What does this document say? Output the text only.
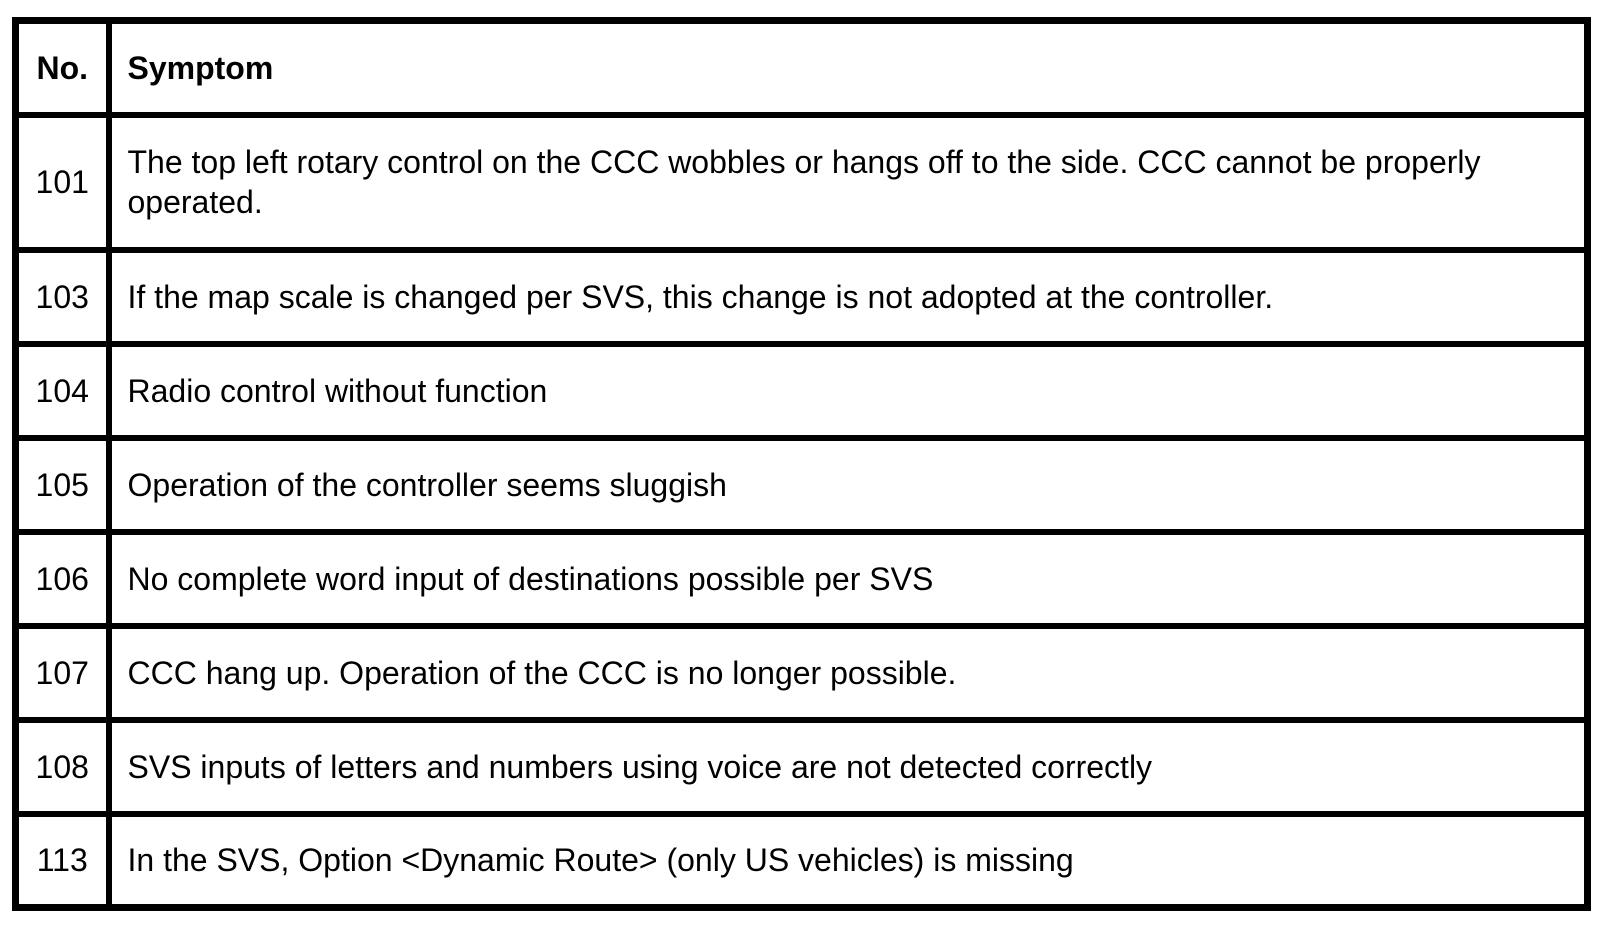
No.	Symptom
101	The top left rotary control on the CCC wobbles or hangs off to the side. CCC cannot be properly operated.
103	If the map scale is changed per SVS, this change is not adopted at the controller.
104	Radio control without function
105	Operation of the controller seems sluggish
106	No complete word input of destinations possible per SVS
107	CCC hang up. Operation of the CCC is no longer possible.
108	SVS inputs of letters and numbers using voice are not detected correctly
113	In the SVS, Option <Dynamic Route> (only US vehicles) is missing
